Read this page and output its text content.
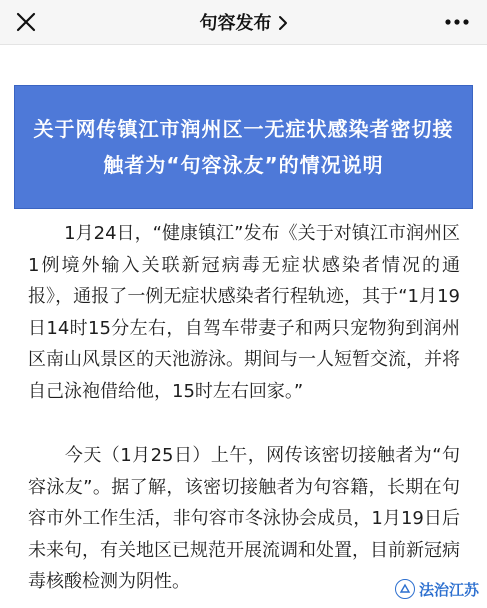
句容发布
关于网传镇江市润州区一无症状感染者密切接触者为“句容泳友”的情况说明
　　1月24日，“健康镇江”发布《关于对镇江市润州区1例境外输入关联新冠病毒无症状感染者情况的通报》，通报了一例无症状感染者行程轨迹，其于“1月19日14时15分左右，自驾车带妻子和两只宠物狗到润州区南山风景区的天池游泳。期间与一人短暂交流，并将自己泳袍借给他，15时左右回家。”
　　今天（1月25日）上午，网传该密切接触者为“句容泳友”。据了解，该密切接触者为句容籍，长期在句容市外工作生活，非句容市冬泳协会成员，1月19日后未来句，有关地区已规范开展流调和处置，目前新冠病毒核酸检测为阴性。	法治江苏
